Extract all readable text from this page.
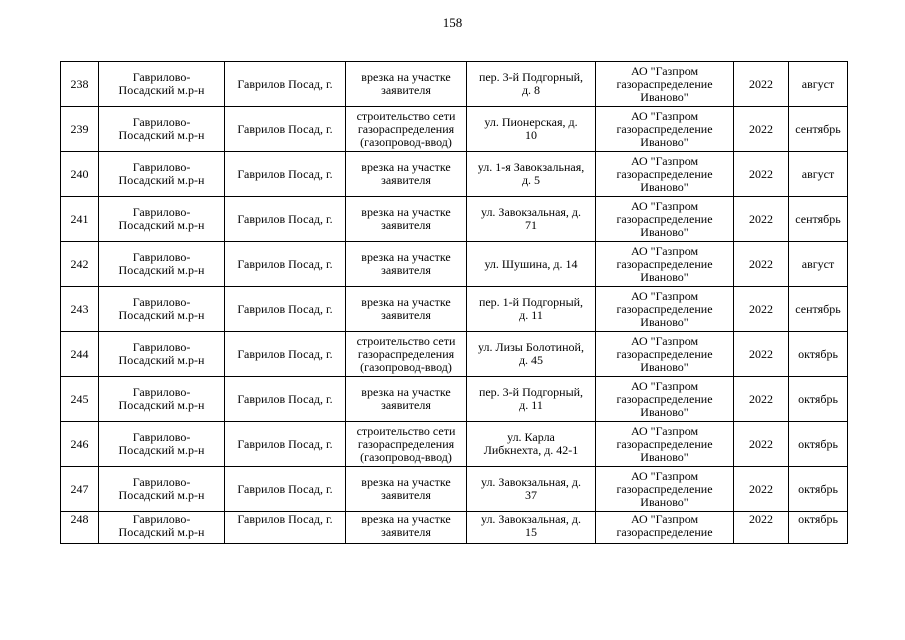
158
238	Гаврилово-
Посадский м.р-н	Гаврилов Посад, г.	врезка на участке
заявителя	пер. 3-й Подгорный,
д. 8	АО "Газпром
газораспределение
Иваново"	2022	август
239	Гаврилово-
Посадский м.р-н	Гаврилов Посад, г.	строительство сети
газораспределения
(газопровод-ввод)	ул. Пионерская, д.
10	АО "Газпром
газораспределение
Иваново"	2022	сентябрь
240	Гаврилово-
Посадский м.р-н	Гаврилов Посад, г.	врезка на участке
заявителя	ул. 1-я Завокзальная,
д. 5	АО "Газпром
газораспределение
Иваново"	2022	август
241	Гаврилово-
Посадский м.р-н	Гаврилов Посад, г.	врезка на участке
заявителя	ул. Завокзальная, д.
71	АО "Газпром
газораспределение
Иваново"	2022	сентябрь
242	Гаврилово-
Посадский м.р-н	Гаврилов Посад, г.	врезка на участке
заявителя	ул. Шушина, д. 14	АО "Газпром
газораспределение
Иваново"	2022	август
243	Гаврилово-
Посадский м.р-н	Гаврилов Посад, г.	врезка на участке
заявителя	пер. 1-й Подгорный,
д. 11	АО "Газпром
газораспределение
Иваново"	2022	сентябрь
244	Гаврилово-
Посадский м.р-н	Гаврилов Посад, г.	строительство сети
газораспределения
(газопровод-ввод)	ул. Лизы Болотиной,
д. 45	АО "Газпром
газораспределение
Иваново"	2022	октябрь
245	Гаврилово-
Посадский м.р-н	Гаврилов Посад, г.	врезка на участке
заявителя	пер. 3-й Подгорный,
д. 11	АО "Газпром
газораспределение
Иваново"	2022	октябрь
246	Гаврилово-
Посадский м.р-н	Гаврилов Посад, г.	строительство сети
газораспределения
(газопровод-ввод)	ул. Карла
Либкнехта, д. 42-1	АО "Газпром
газораспределение
Иваново"	2022	октябрь
247	Гаврилово-
Посадский м.р-н	Гаврилов Посад, г.	врезка на участке
заявителя	ул. Завокзальная, д.
37	АО "Газпром
газораспределение
Иваново"	2022	октябрь
248	Гаврилово-
Посадский м.р-н	Гаврилов Посад, г.	врезка на участке
заявителя	ул. Завокзальная, д.
15	АО "Газпром
газораспределение	2022	октябрь
